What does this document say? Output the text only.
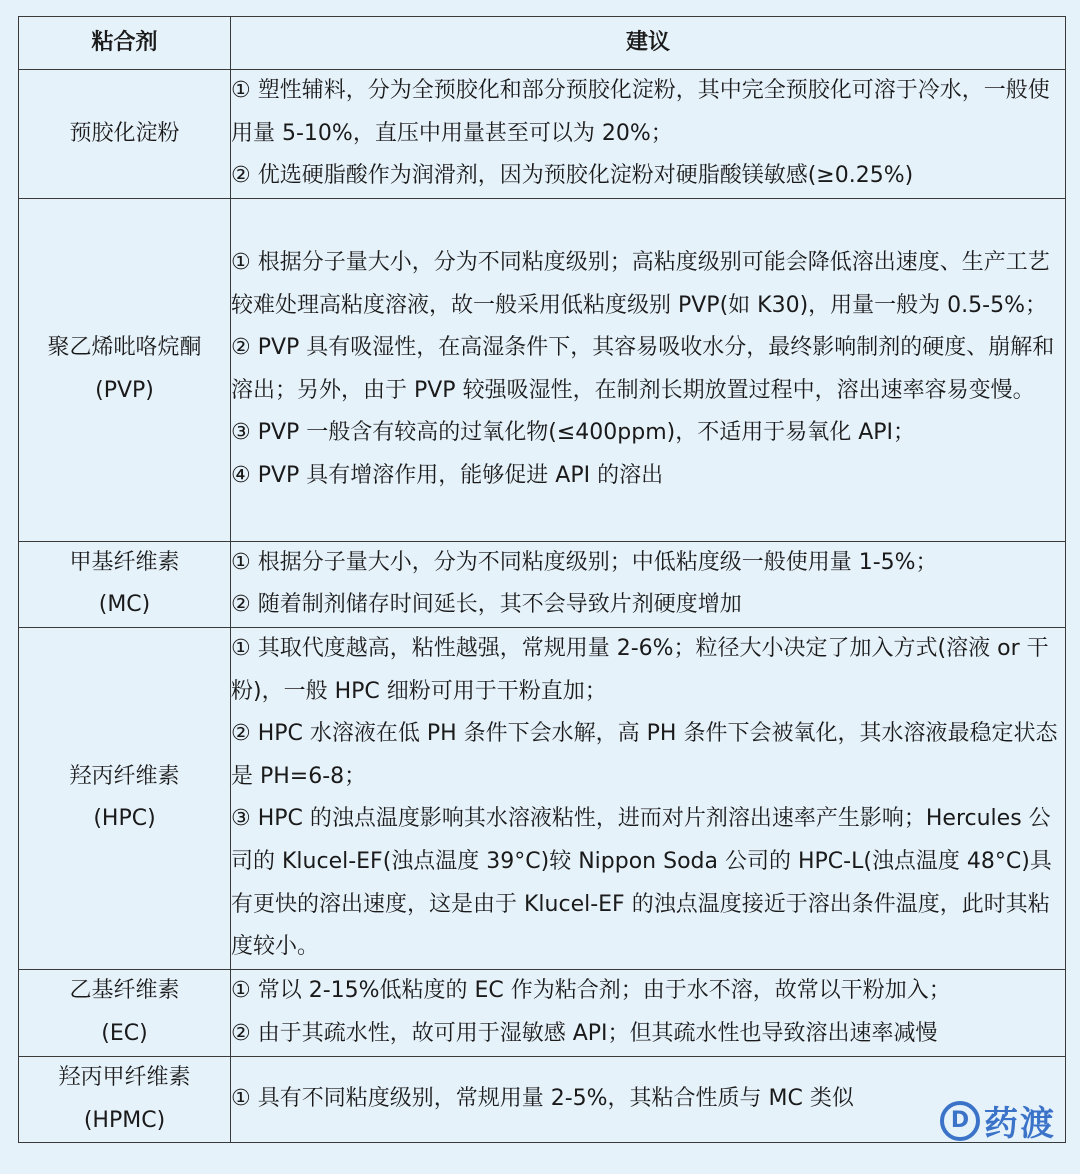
粘合剂	建议

预胶化淀粉	① 塑性辅料，分为全预胶化和部分预胶化淀粉，其中完全预胶化可溶于冷水，一般使用量 5-10%，直压中用量甚至可以为 20%；
② 优选硬脂酸作为润滑剂，因为预胶化淀粉对硬脂酸镁敏感(≥0.25%)

聚乙烯吡咯烷酮
(PVP)	① 根据分子量大小，分为不同粘度级别；高粘度级别可能会降低溶出速度、生产工艺较难处理高粘度溶液，故一般采用低粘度级别 PVP(如 K30)，用量一般为 0.5-5%；
② PVP 具有吸湿性，在高湿条件下，其容易吸收水分，最终影响制剂的硬度、崩解和溶出；另外，由于 PVP 较强吸湿性，在制剂长期放置过程中，溶出速率容易变慢。
③ PVP 一般含有较高的过氧化物(≤400ppm)，不适用于易氧化 API；
④ PVP 具有增溶作用，能够促进 API 的溶出

甲基纤维素
(MC)	① 根据分子量大小，分为不同粘度级别；中低粘度级一般使用量 1-5%；
② 随着制剂储存时间延长，其不会导致片剂硬度增加

羟丙纤维素
(HPC)	① 其取代度越高，粘性越强，常规用量 2-6%；粒径大小决定了加入方式(溶液 or 干粉)，一般 HPC 细粉可用于干粉直加；
② HPC 水溶液在低 PH 条件下会水解，高 PH 条件下会被氧化，其水溶液最稳定状态是 PH=6-8；
③ HPC 的浊点温度影响其水溶液粘性，进而对片剂溶出速率产生影响；Hercules 公司的 Klucel-EF(浊点温度 39°C)较 Nippon Soda 公司的 HPC-L(浊点温度 48°C)具有更快的溶出速度，这是由于 Klucel-EF 的浊点温度接近于溶出条件温度，此时其粘度较小。

乙基纤维素
(EC)	① 常以 2-15%低粘度的 EC 作为粘合剂；由于水不溶，故常以干粉加入；
② 由于其疏水性，故可用于湿敏感 API；但其疏水性也导致溶出速率减慢

羟丙甲纤维素
(HPMC)	① 具有不同粘度级别，常规用量 2-5%，其粘合性质与 MC 类似
D 药渡
